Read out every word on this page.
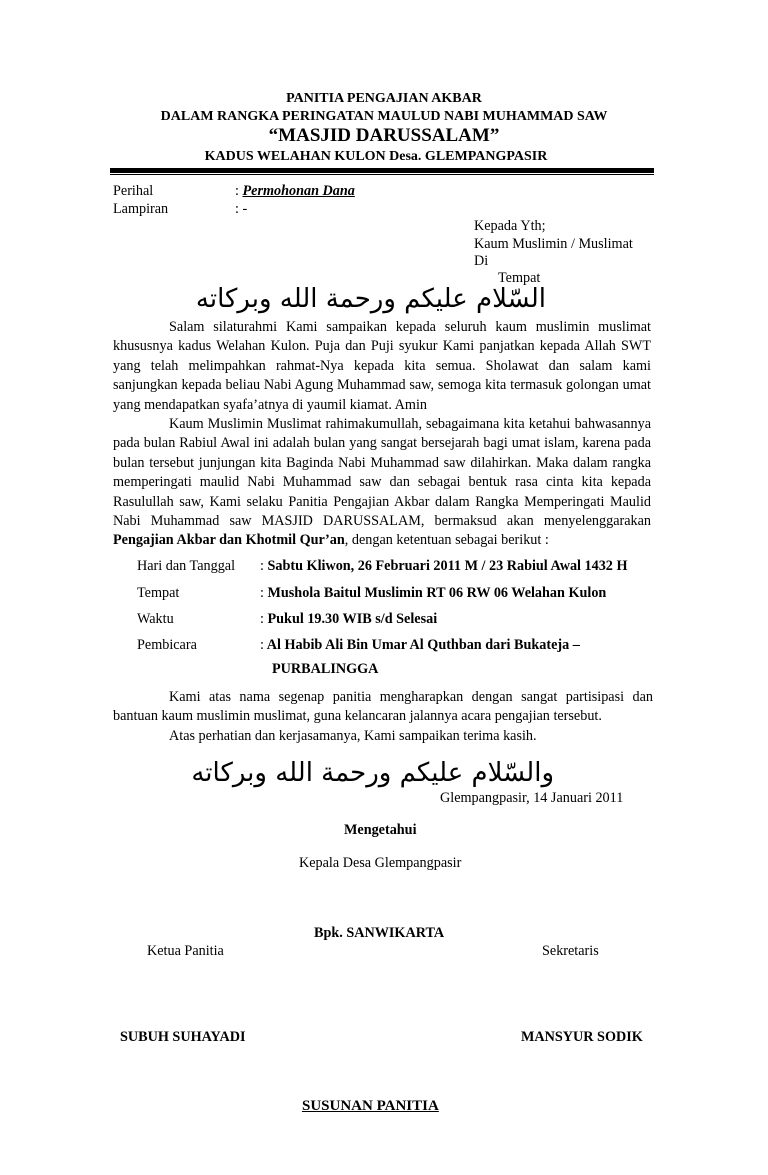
PANITIA PENGAJIAN AKBAR
DALAM RANGKA PERINGATAN MAULUD NABI MUHAMMAD SAW
“MASJID DARUSSALAM”
KADUS WELAHAN KULON Desa. GLEMPANGPASIR
Perihal	: Permohonan Dana
Lampiran	: -
Kepada Yth;
Kaum Muslimin / Muslimat
Di
Tempat
السّلام عليكم ورحمة الله وبركاته

Salam silaturahmi Kami sampaikan kepada seluruh kaum muslimin muslimat khususnya kadus Welahan Kulon. Puja dan Puji syukur Kami panjatkan kepada Allah SWT yang telah melimpahkan rahmat-Nya kepada kita semua. Sholawat dan salam kami sanjungkan kepada beliau Nabi Agung Muhammad saw, semoga kita termasuk golongan umat yang mendapatkan syafa’atnya di yaumil kiamat. Amin

Kaum Muslimin Muslimat rahimakumullah, sebagaimana kita ketahui bahwasannya pada bulan Rabiul Awal ini adalah bulan yang sangat bersejarah bagi umat islam, karena pada bulan tersebut junjungan kita Baginda Nabi Muhammad saw dilahirkan. Maka dalam rangka memperingati maulid Nabi Muhammad saw dan sebagai bentuk rasa cinta kita kepada Rasulullah saw, Kami selaku Panitia Pengajian Akbar dalam Rangka Memperingati Maulid Nabi Muhammad saw MASJID DARUSSALAM, bermaksud akan menyelenggarakan Pengajian Akbar dan Khotmil Qur’an, dengan ketentuan sebagai berikut :

Hari dan Tanggal : Sabtu Kliwon, 26 Februari 2011 M / 23 Rabiul Awal 1432 H
Tempat	: Mushola Baitul Muslimin RT 06 RW 06 Welahan Kulon
Waktu	: Pukul 19.30 WIB s/d Selesai
Pembicara	: Al Habib Ali Bin Umar Al Quthban dari Bukateja –
PURBALINGGA

Kami atas nama segenap panitia mengharapkan dengan sangat partisipasi dan bantuan kaum muslimin muslimat, guna kelancaran jalannya acara pengajian tersebut.

Atas perhatian dan kerjasamanya, Kami sampaikan terima kasih.

والسّلام عليكم ورحمة الله وبركاته
Glempangpasir, 14 Januari 2011
Mengetahui
Kepala Desa Glempangpasir
Bpk. SANWIKARTA
Ketua Panitia	Sekretaris
SUBUH SUHAYADI	MANSYUR SODIK
SUSUNAN PANITIA
